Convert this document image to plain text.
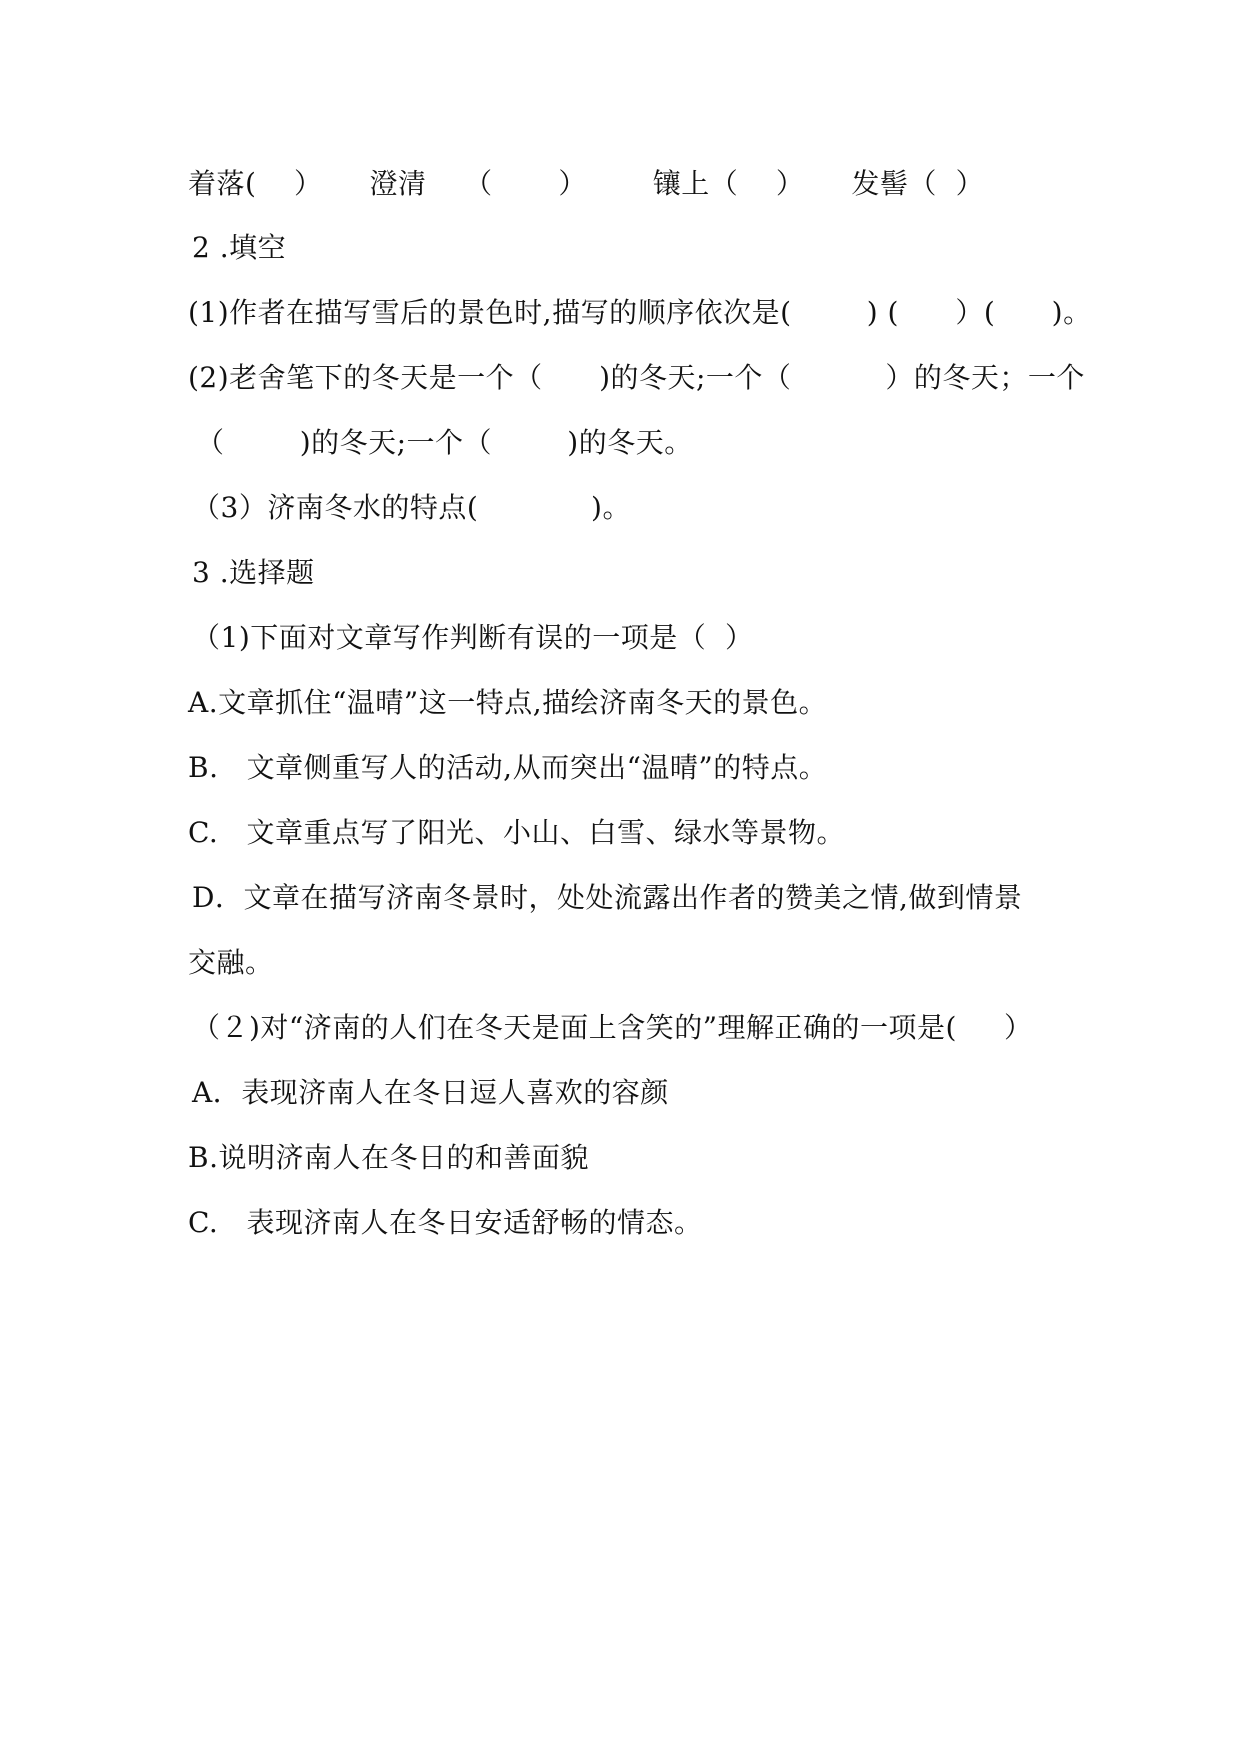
着落(    ）     澄清    （       ）       镶上（    ）     发髻（  ）
2 .填空
(1)作者在描写雪后的景色时,描写的顺序依次是(        ) (      ）(      )。
(2)老舍笔下的冬天是一个（      )的冬天;一个（          ）的冬天；一个
（        )的冬天;一个（        )的冬天。
（3）济南冬水的特点(            )。
3 .选择题
（1)下面对文章写作判断有误的一项是（  ）
A.文章抓住“温晴”这一特点,描绘济南冬天的景色。
B.   文章侧重写人的活动,从而突出“温晴”的特点。
C.   文章重点写了阳光、小山、白雪、绿水等景物。
D．文章在描写济南冬景时，处处流露出作者的赞美之情,做到情景
交融。
（２)对“济南的人们在冬天是面上含笑的”理解正确的一项是(     ）
A．表现济南人在冬日逗人喜欢的容颜
B.说明济南人在冬日的和善面貌
C.   表现济南人在冬日安适舒畅的情态。
